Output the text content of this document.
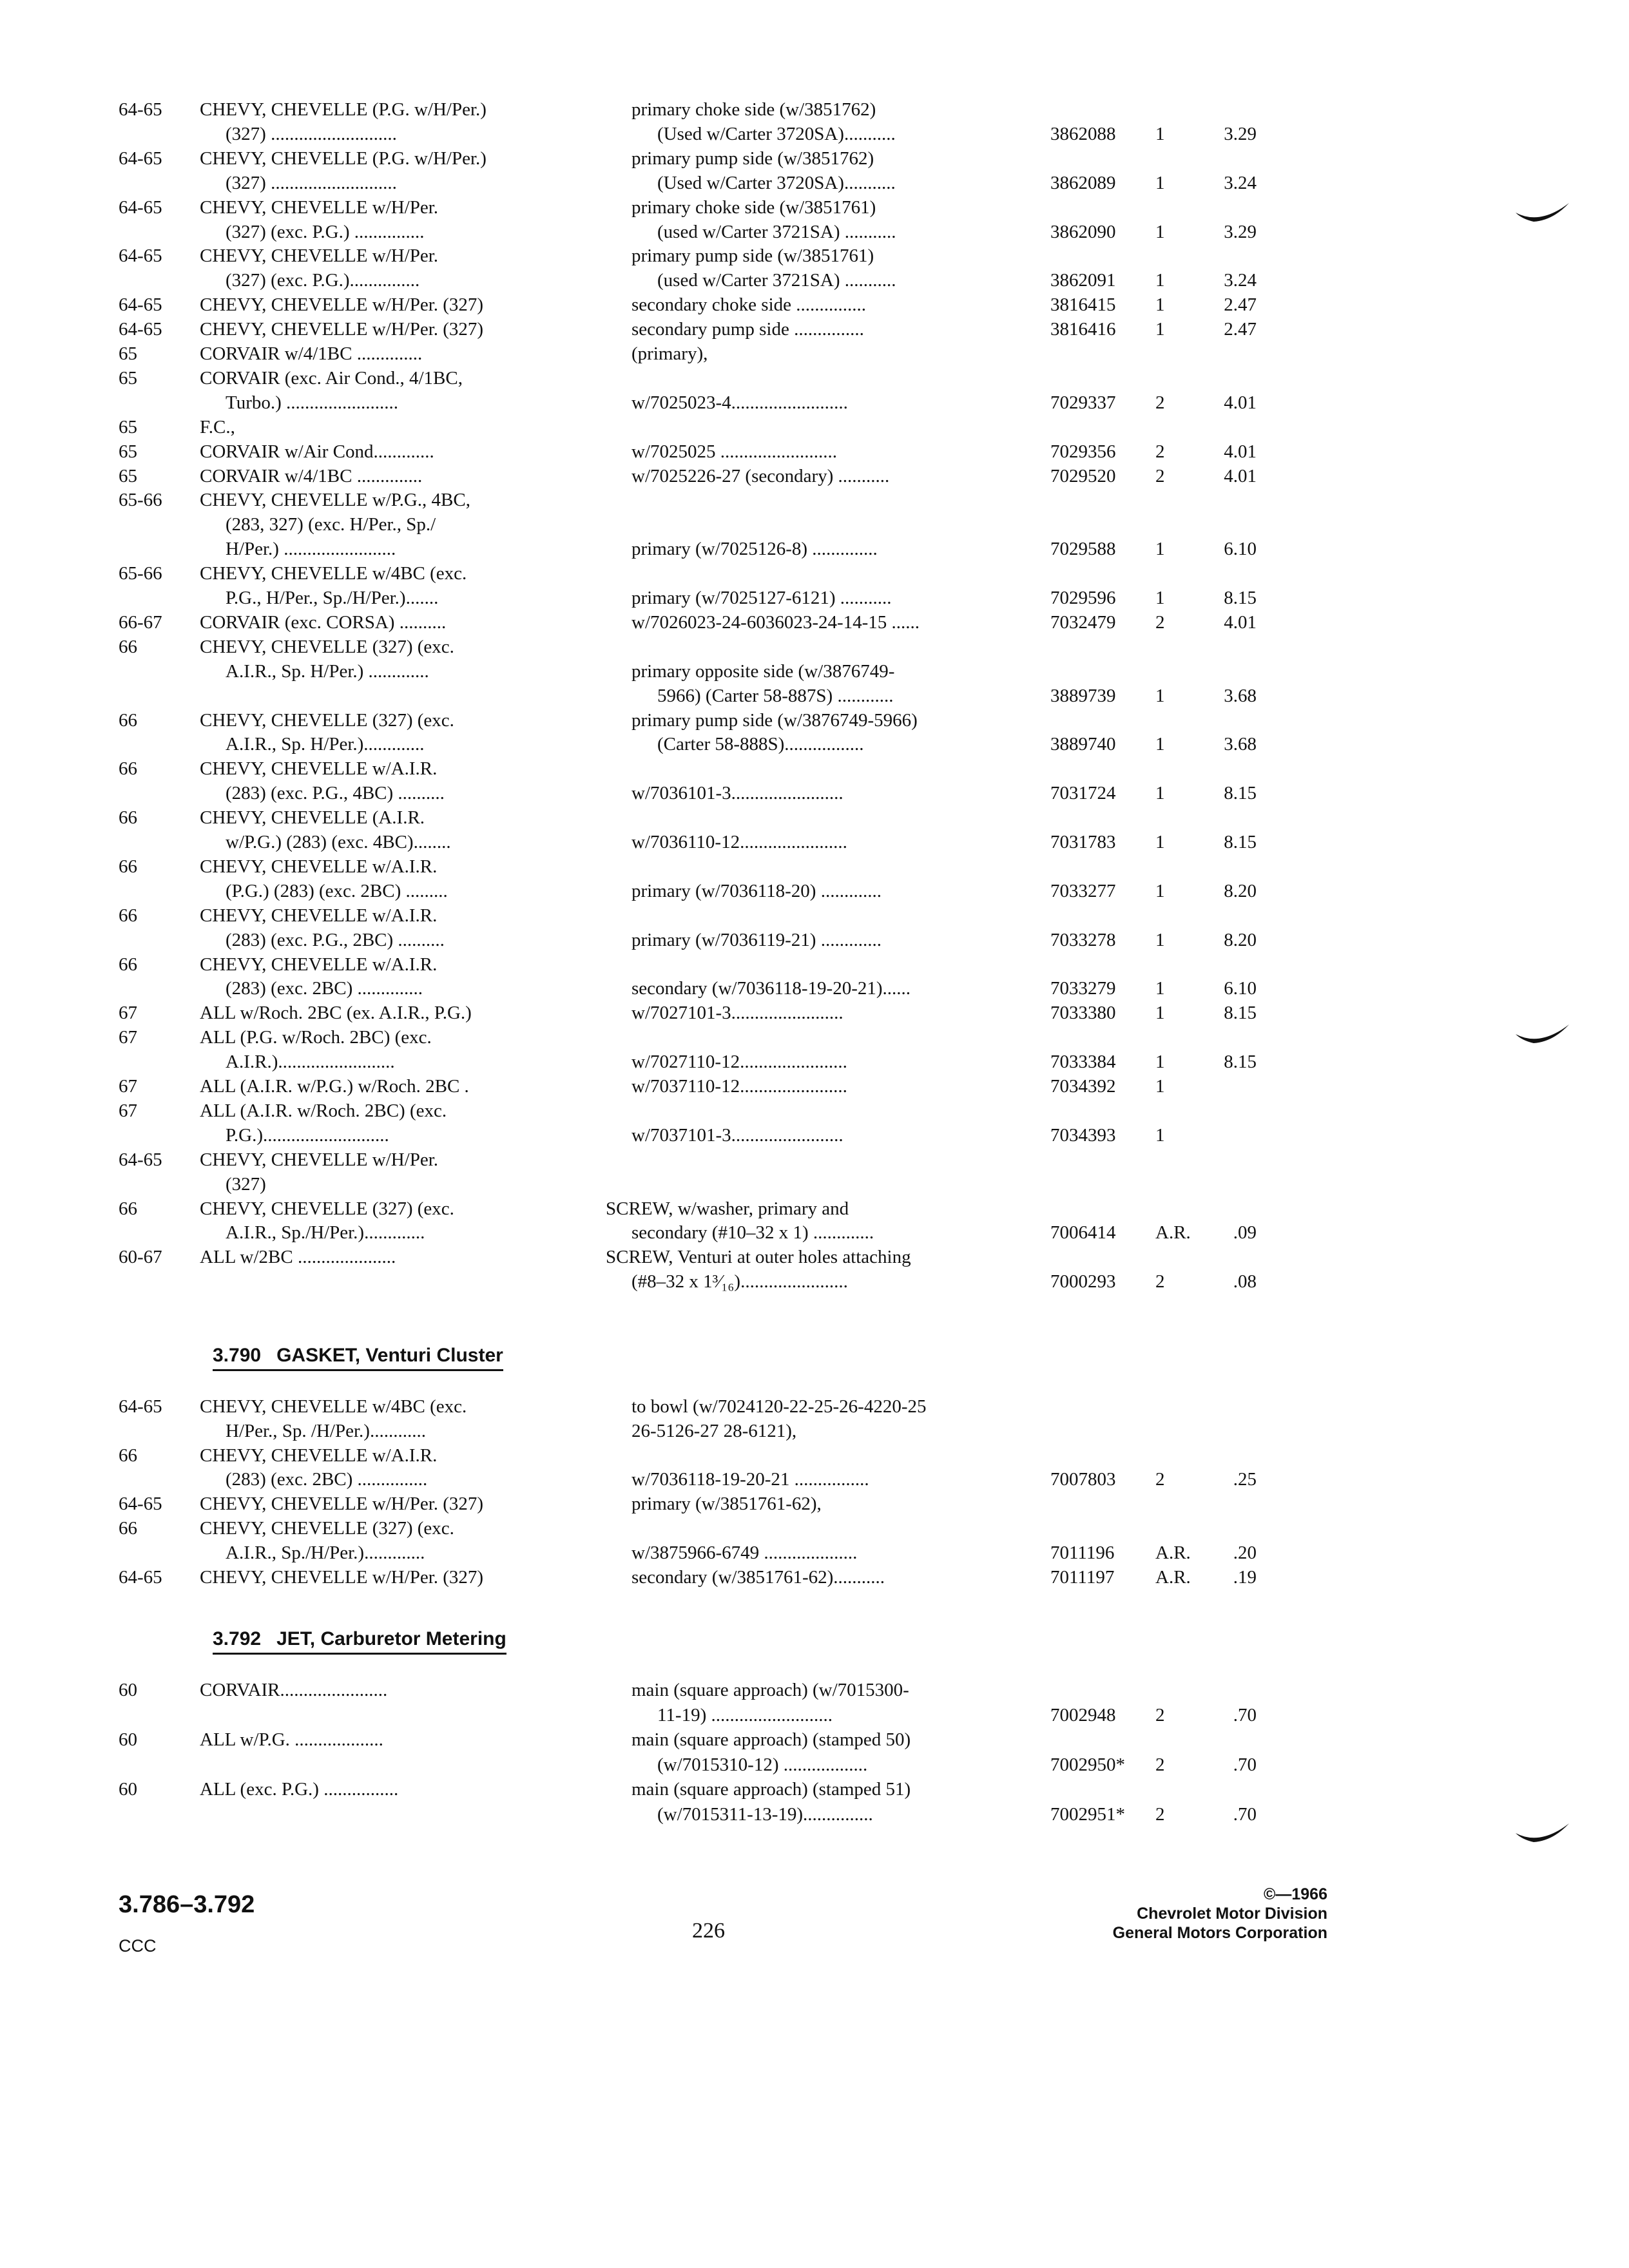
64-65 CHEVY, CHEVELLE (P.G. w/H/Per.)	primary choke side (w/3851762)
(327) ...........................	(Used w/Carter 3720SA)...........	3862088 1	3.29
64-65 CHEVY, CHEVELLE (P.G. w/H/Per.)	primary pump side (w/3851762)
(327) ...........................	(Used w/Carter 3720SA)...........	3862089 1	3.24
64-65 CHEVY, CHEVELLE w/H/Per.	primary choke side (w/3851761)
(327) (exc. P.G.) ...............	(used w/Carter 3721SA) ...........	3862090 1	3.29
64-65 CHEVY, CHEVELLE w/H/Per.	primary pump side (w/3851761)
(327) (exc. P.G.)...............	(used w/Carter 3721SA) ...........	3862091 1	3.24
64-65 CHEVY, CHEVELLE w/H/Per. (327)	secondary choke side ...............	3816415 1	2.47
64-65 CHEVY, CHEVELLE w/H/Per. (327)	secondary pump side ...............	3816416 1	2.47
65	CORVAIR w/4/1BC ..............	(primary),
65	CORVAIR (exc. Air Cond., 4/1BC,
Turbo.) ........................	w/7025023-4.........................	7029337 2	4.01
65	F.C.,
65	CORVAIR w/Air Cond.............	w/7025025 .........................	7029356 2	4.01
65	CORVAIR w/4/1BC ..............	w/7025226-27 (secondary) ...........	7029520 2	4.01
65-66 CHEVY, CHEVELLE w/P.G., 4BC,
(283, 327) (exc. H/Per., Sp./
H/Per.) ........................	primary (w/7025126-8) ..............	7029588 1	6.10
65-66 CHEVY, CHEVELLE w/4BC (exc.
P.G., H/Per., Sp./H/Per.).......	primary (w/7025127-6121) ...........	7029596 1	8.15
66-67 CORVAIR (exc. CORSA) ..........	w/7026023-24-6036023-24-14-15 ......	7032479 2	4.01
66	CHEVY, CHEVELLE (327) (exc.
A.I.R., Sp. H/Per.) .............	primary opposite side (w/3876749-
5966) (Carter 58-887S) ............	3889739 1	3.68
66	CHEVY, CHEVELLE (327) (exc.	primary pump side (w/3876749-5966)
A.I.R., Sp. H/Per.).............	(Carter 58-888S).................	3889740 1	3.68
66	CHEVY, CHEVELLE w/A.I.R.
(283) (exc. P.G., 4BC) ..........	w/7036101-3........................	7031724 1	8.15
66	CHEVY, CHEVELLE (A.I.R.
w/P.G.) (283) (exc. 4BC)........	w/7036110-12.......................	7031783 1	8.15
66	CHEVY, CHEVELLE w/A.I.R.
(P.G.) (283) (exc. 2BC) .........	primary (w/7036118-20) .............	7033277 1	8.20
66	CHEVY, CHEVELLE w/A.I.R.
(283) (exc. P.G., 2BC) ..........	primary (w/7036119-21) .............	7033278 1	8.20
66	CHEVY, CHEVELLE w/A.I.R.
(283) (exc. 2BC) ..............	secondary (w/7036118-19-20-21)......	7033279 1	6.10
67	ALL w/Roch. 2BC (ex. A.I.R., P.G.)	w/7027101-3........................	7033380 1	8.15
67	ALL (P.G. w/Roch. 2BC) (exc.
A.I.R.).........................	w/7027110-12.......................	7033384 1	8.15
67	ALL (A.I.R. w/P.G.) w/Roch. 2BC .	w/7037110-12.......................	7034392 1
67	ALL (A.I.R. w/Roch. 2BC) (exc.
P.G.)...........................	w/7037101-3........................	7034393 1
64-65 CHEVY, CHEVELLE w/H/Per.
(327)
66	CHEVY, CHEVELLE (327) (exc.	SCREW, w/washer, primary and
A.I.R., Sp./H/Per.).............	secondary (#10–32 x 1) .............	7006414 A.R.	.09
60-67 ALL w/2BC .....................	SCREW, Venturi at outer holes attaching
(#8–32 x 1³⁄₁₆).......................	7000293 2	.08
3.790 GASKET, Venturi Cluster
64-65 CHEVY, CHEVELLE w/4BC (exc.	to bowl (w/7024120-22-25-26-4220-25
H/Per., Sp. /H/Per.)............	26-5126-27 28-6121),
66	CHEVY, CHEVELLE w/A.I.R.
(283) (exc. 2BC) ...............	w/7036118-19-20-21 ................	7007803 2	.25
64-65 CHEVY, CHEVELLE w/H/Per. (327)	primary (w/3851761-62),
66	CHEVY, CHEVELLE (327) (exc.
A.I.R., Sp./H/Per.).............	w/3875966-6749 ....................	7011196 A.R.	.20
64-65 CHEVY, CHEVELLE w/H/Per. (327)	secondary (w/3851761-62)...........	7011197 A.R.	.19
3.792 JET, Carburetor Metering
60	CORVAIR.......................	main (square approach) (w/7015300-
11-19) ..........................	7002948 2	.70
60	ALL w/P.G. ...................	main (square approach) (stamped 50)
(w/7015310-12) ..................	7002950* 2	.70
60	ALL (exc. P.G.) ................	main (square approach) (stamped 51)
(w/7015311-13-19)...............	7002951* 2	.70
3.786–3.792
CCC
226
©—1966
Chevrolet Motor Division
General Motors Corporation
